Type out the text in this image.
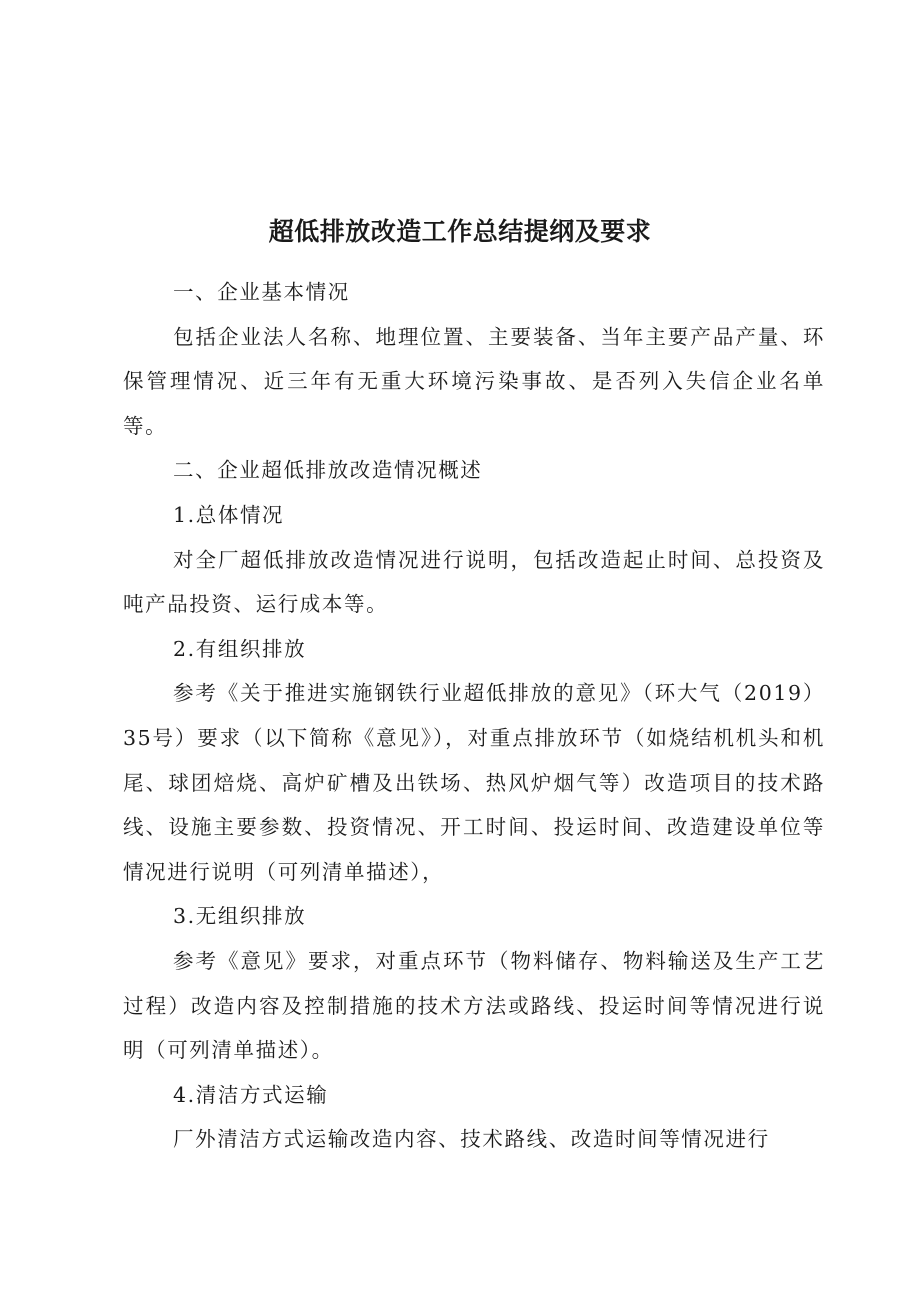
超低排放改造工作总结提纲及要求

一、企业基本情况

包括企业法人名称、地理位置、主要装备、当年主要产品产量、环保管理情况、近三年有无重大环境污染事故、是否列入失信企业名单等。

二、企业超低排放改造情况概述

1.总体情况

对全厂超低排放改造情况进行说明，包括改造起止时间、总投资及吨产品投资、运行成本等。

2.有组织排放

参考《关于推进实施钢铁行业超低排放的意见》（环大气（2019）35号）要求（以下简称《意见》），对重点排放环节（如烧结机机头和机尾、球团焙烧、高炉矿槽及出铁场、热风炉烟气等）改造项目的技术路线、设施主要参数、投资情况、开工时间、投运时间、改造建设单位等情况进行说明（可列清单描述），

3.无组织排放

参考《意见》要求，对重点环节（物料储存、物料输送及生产工艺过程）改造内容及控制措施的技术方法或路线、投运时间等情况进行说明（可列清单描述）。

4.清洁方式运输

厂外清洁方式运输改造内容、技术路线、改造时间等情况进行
